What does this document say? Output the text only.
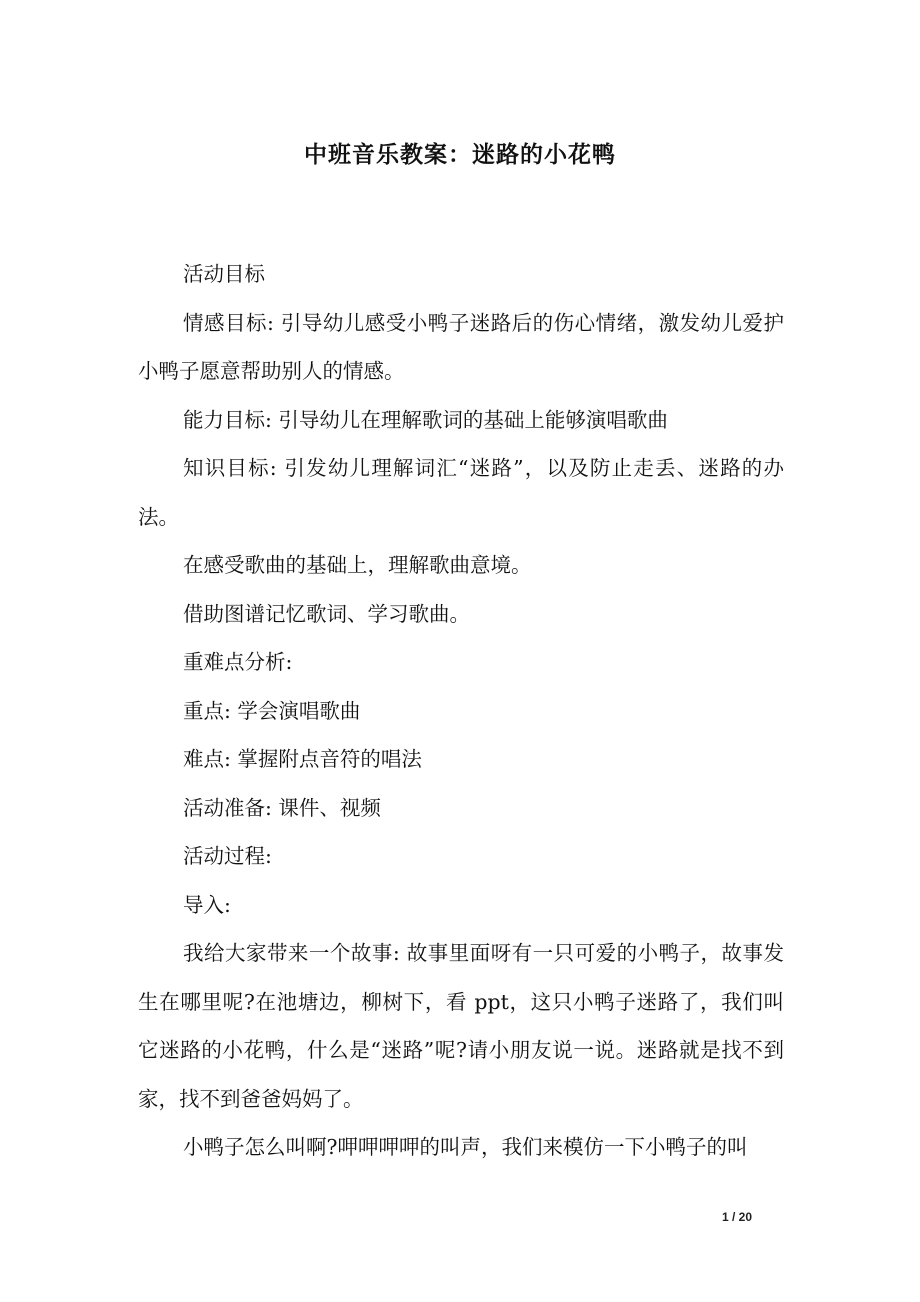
中班音乐教案：迷路的小花鸭

活动目标

情感目标: 引导幼儿感受小鸭子迷路后的伤心情绪，激发幼儿爱护小鸭子愿意帮助别人的情感。

能力目标: 引导幼儿在理解歌词的基础上能够演唱歌曲

知识目标: 引发幼儿理解词汇“迷路”，以及防止走丢、迷路的办法。

在感受歌曲的基础上，理解歌曲意境。

借助图谱记忆歌词、学习歌曲。

重难点分析:

重点: 学会演唱歌曲

难点: 掌握附点音符的唱法

活动准备: 课件、视频

活动过程:

导入:

我给大家带来一个故事: 故事里面呀有一只可爱的小鸭子，故事发生在哪里呢?在池塘边，柳树下，看 ppt，这只小鸭子迷路了，我们叫它迷路的小花鸭，什么是“迷路”呢?请小朋友说一说。迷路就是找不到家，找不到爸爸妈妈了。

小鸭子怎么叫啊?呷呷呷呷的叫声，我们来模仿一下小鸭子的叫

1 / 20
